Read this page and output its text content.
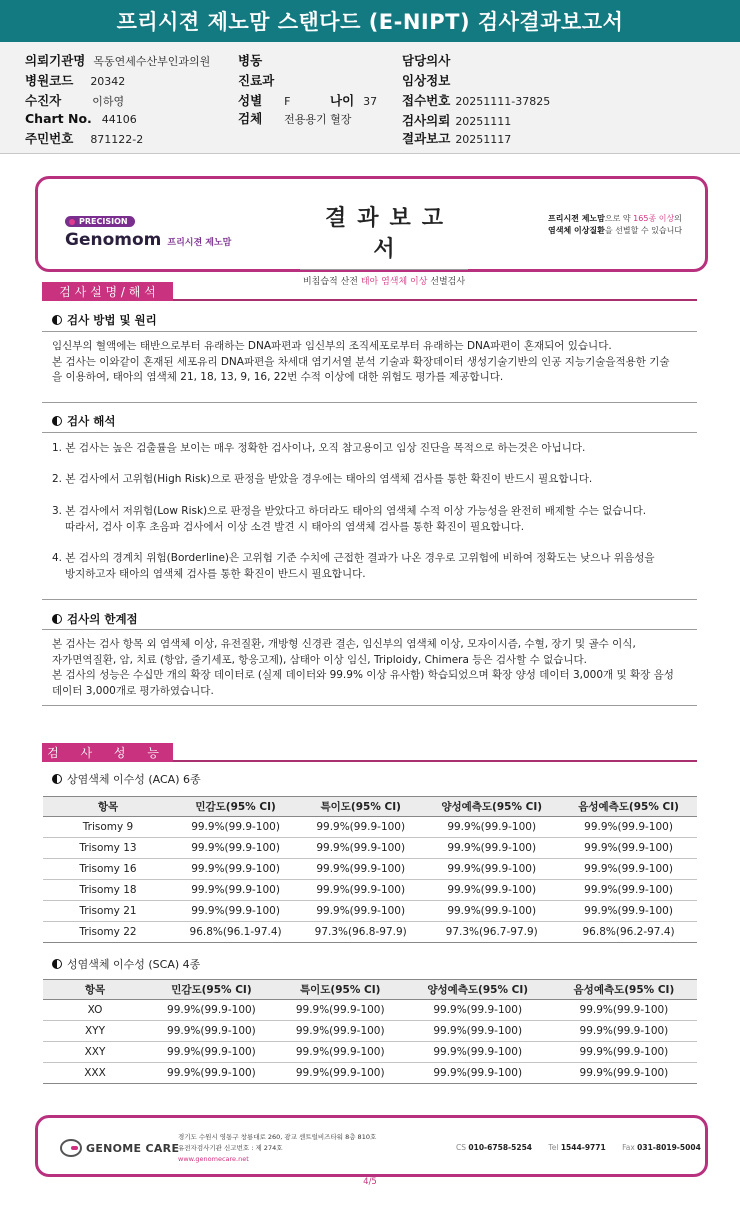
프리시젼 제노맘 스탠다드 (E-NIPT) 검사결과보고서
의뢰기관명 목동연세수산부인과의원
병원코드 20342
수진자	이하영
Chart No. 44106
주민번호 871122-2
병동
진료과
성별 F	나이 37
검체 전용용기 혈장
담당의사
임상정보
접수번호 20251111-37825
검사의뢰 20251111
결과보고 20251117
PRECISION
Genomom 프리시젼 제노맘
결과보고서
비침습적 산전 태아 염색체 이상 선별검사
프리시젼 제노맘으로 약 165종 이상의
염색체 이상질환을 선별할 수 있습니다
검 사 설 명 / 해 석
검사 방법 및 원리
임신부의 혈액에는 태반으로부터 유래하는 DNA파편과 임신부의 조직세포로부터 유래하는 DNA파편이 혼재되어 있습니다.
본 검사는 이와같이 혼재된 세포유리 DNA파편을 차세대 염기서열 분석 기술과 확장데이터 생성기술기반의 인공 지능기술을적용한 기술
을 이용하여, 태아의 염색체 21, 18, 13, 9, 16, 22번 수적 이상에 대한 위험도 평가를 제공합니다.
검사 해석
1. 본 검사는 높은 검출률을 보이는 매우 정확한 검사이나, 오직 참고용이고 임상 진단을 목적으로 하는것은 아닙니다.
2. 본 검사에서 고위험(High Risk)으로 판정을 받았을 경우에는 태아의 염색체 검사를 통한 확진이 반드시 필요합니다.
3. 본 검사에서 저위험(Low Risk)으로 판정을 받았다고 하더라도 태아의 염색체 수적 이상 가능성을 완전히 배제할 수는 없습니다.
따라서, 검사 이후 초음파 검사에서 이상 소견 발견 시 태아의 염색체 검사를 통한 확진이 필요합니다.
4. 본 검사의 경계치 위험(Borderline)은 고위험 기준 수치에 근접한 결과가 나온 경우로 고위험에 비하여 정확도는 낮으나 위음성을
방지하고자 태아의 염색체 검사를 통한 확진이 반드시 필요합니다.
검사의 한계점
본 검사는 검사 항목 외 염색체 이상, 유전질환, 개방형 신경관 결손, 임신부의 염색체 이상, 모자이시즘, 수혈, 장기 및 골수 이식,
자가면역질환, 암, 치료 (항암, 줄기세포, 항응고제), 삼태아 이상 임신, Triploidy, Chimera 등은 검사할 수 없습니다.
본 검사의 성능은 수십만 개의 확장 데이터로 (실제 데이터와 99.9% 이상 유사함) 학습되었으며 확장 양성 데이터 3,000개 및 확장 음성
데이터 3,000개로 평가하였습니다.
검 사 성 능
상염색체 이수성 (ACA) 6종
항목	민감도(95% CI)	특이도(95% CI)	양성예측도(95% CI)	음성예측도(95% CI)
Trisomy 9	99.9%(99.9-100)	99.9%(99.9-100)	99.9%(99.9-100)	99.9%(99.9-100)
Trisomy 13	99.9%(99.9-100)	99.9%(99.9-100)	99.9%(99.9-100)	99.9%(99.9-100)
Trisomy 16	99.9%(99.9-100)	99.9%(99.9-100)	99.9%(99.9-100)	99.9%(99.9-100)
Trisomy 18	99.9%(99.9-100)	99.9%(99.9-100)	99.9%(99.9-100)	99.9%(99.9-100)
Trisomy 21	99.9%(99.9-100)	99.9%(99.9-100)	99.9%(99.9-100)	99.9%(99.9-100)
Trisomy 22	96.8%(96.1-97.4)	97.3%(96.8-97.9)	97.3%(96.7-97.9)	96.8%(96.2-97.4)
성염색체 이수성 (SCA) 4종
항목	민감도(95% CI)	특이도(95% CI)	양성예측도(95% CI)	음성예측도(95% CI)
XO	99.9%(99.9-100)	99.9%(99.9-100)	99.9%(99.9-100)	99.9%(99.9-100)
XYY	99.9%(99.9-100)	99.9%(99.9-100)	99.9%(99.9-100)	99.9%(99.9-100)
XXY	99.9%(99.9-100)	99.9%(99.9-100)	99.9%(99.9-100)	99.9%(99.9-100)
XXX	99.9%(99.9-100)	99.9%(99.9-100)	99.9%(99.9-100)	99.9%(99.9-100)
GENOME CARE
경기도 수원시 영통구 창룡대로 260, 광교 센트럴비즈타워 8층 810호
유전자검사기관 신고번호 : 제 274호
www.genomecare.net
CS 010-6758-5254 Tel 1544-9771 Fax 031-8019-5004
4/5
